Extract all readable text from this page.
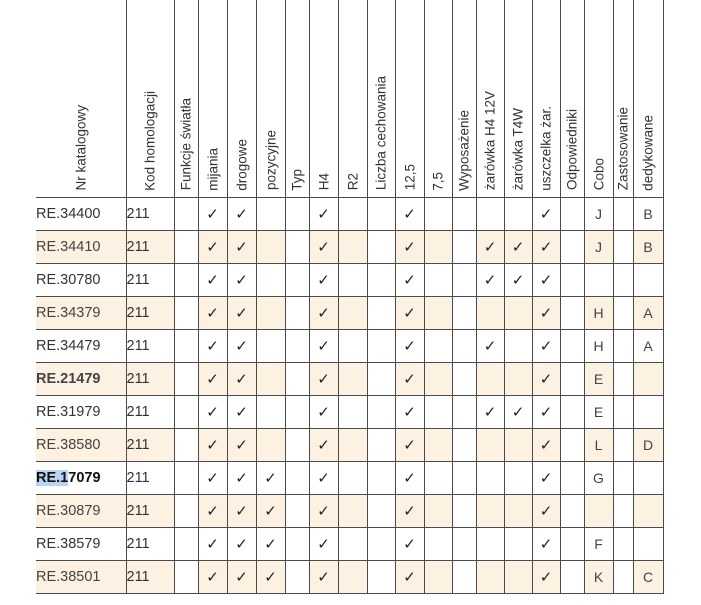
Nr katalogowy	Kod homologacji	Funkcje światła	mijania	drogowe	pozycyjne	Typ	H4	R2	Liczba cechowania	12,5	7,5	Wyposażenie	żarówka H4 12V	żarówka T4W	uszczelka żar.	Odpowiedniki	Cobo	Zastosowanie	dedykowane

RE.34400	211		✓	✓			✓			✓					✓		J		B
RE.34410	211		✓	✓			✓			✓			✓	✓	✓		J		B
RE.30780	211		✓	✓			✓			✓			✓	✓	✓				
RE.34379	211		✓	✓			✓			✓					✓		H		A
RE.34479	211		✓	✓			✓			✓			✓		✓		H		A
RE.21479	211		✓	✓			✓			✓					✓		E		
RE.31979	211		✓	✓			✓			✓			✓	✓	✓		E		
RE.38580	211		✓	✓			✓			✓					✓		L		D
RE.17079	211		✓	✓	✓		✓			✓					✓		G		
RE.30879	211		✓	✓	✓		✓			✓					✓				
RE.38579	211		✓	✓	✓		✓			✓					✓		F		
RE.38501	211		✓	✓	✓		✓			✓					✓		K		C
